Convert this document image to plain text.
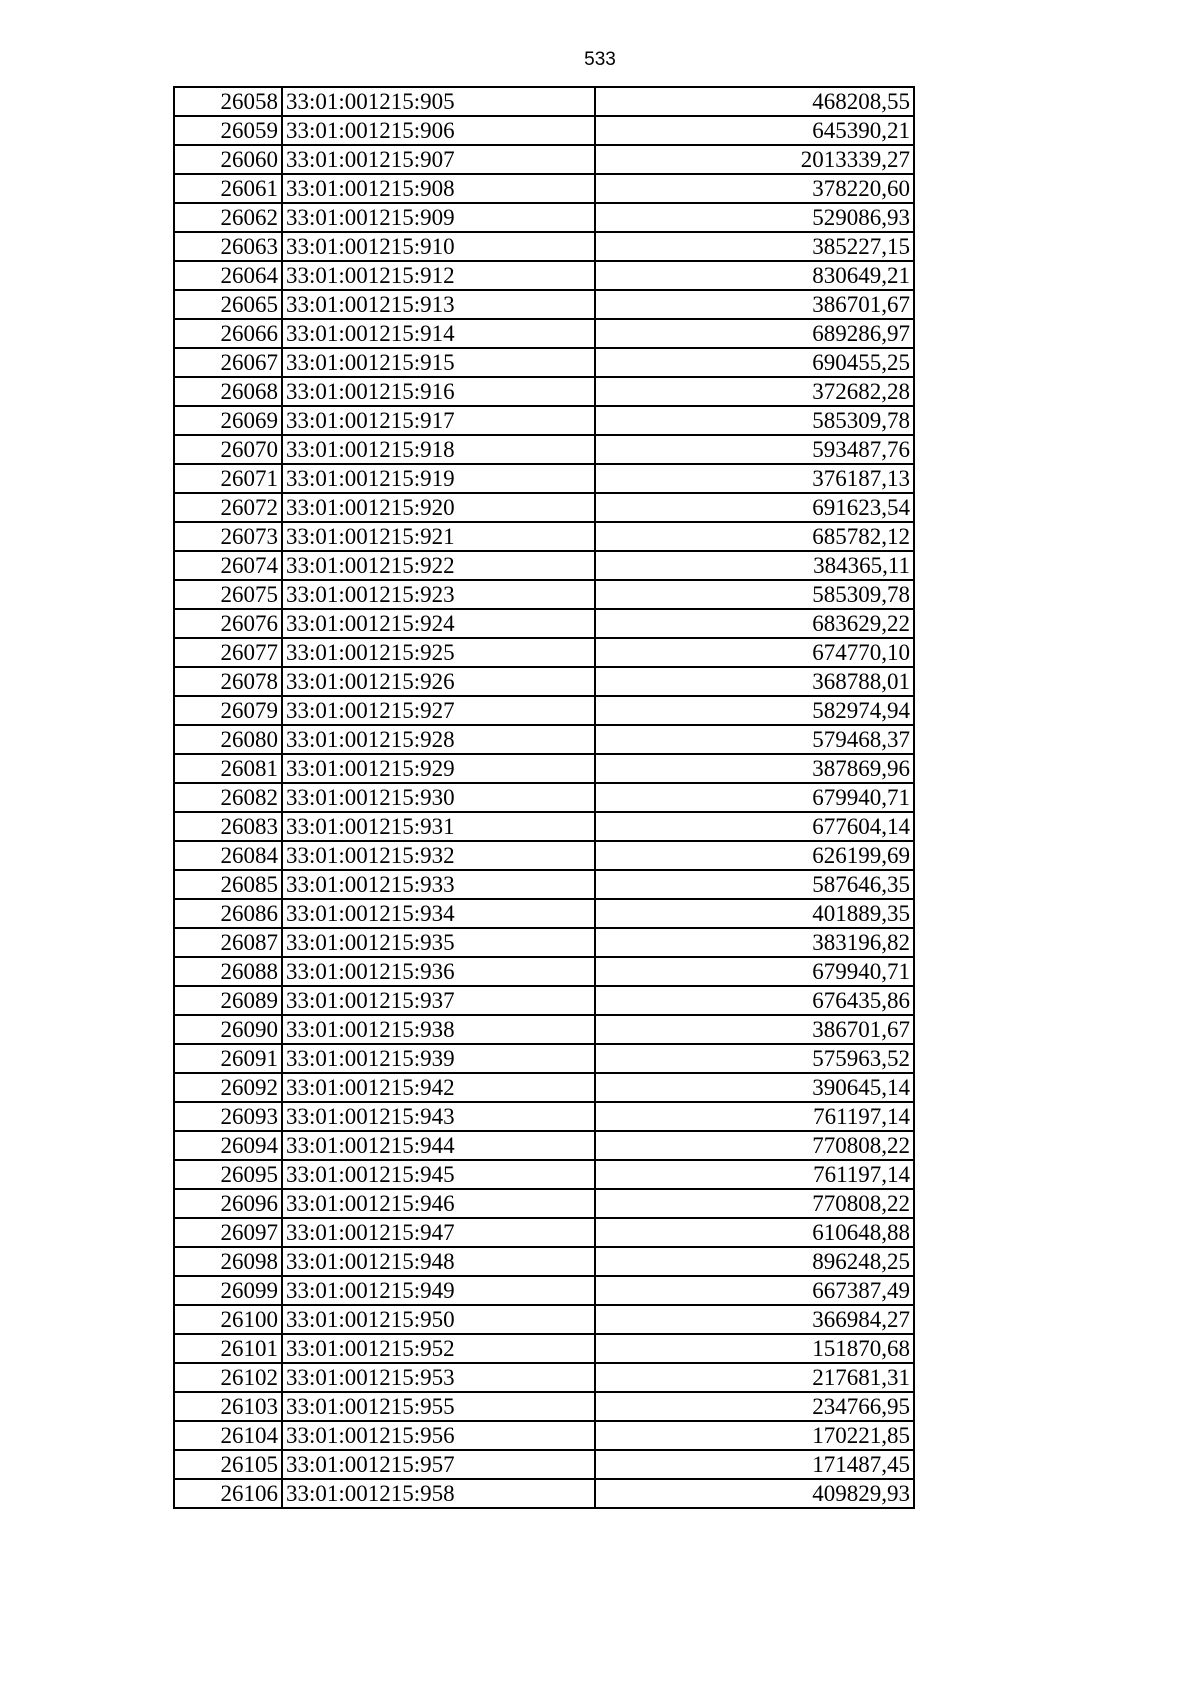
533
26058	33:01:001215:905	468208,55
26059	33:01:001215:906	645390,21
26060	33:01:001215:907	2013339,27
26061	33:01:001215:908	378220,60
26062	33:01:001215:909	529086,93
26063	33:01:001215:910	385227,15
26064	33:01:001215:912	830649,21
26065	33:01:001215:913	386701,67
26066	33:01:001215:914	689286,97
26067	33:01:001215:915	690455,25
26068	33:01:001215:916	372682,28
26069	33:01:001215:917	585309,78
26070	33:01:001215:918	593487,76
26071	33:01:001215:919	376187,13
26072	33:01:001215:920	691623,54
26073	33:01:001215:921	685782,12
26074	33:01:001215:922	384365,11
26075	33:01:001215:923	585309,78
26076	33:01:001215:924	683629,22
26077	33:01:001215:925	674770,10
26078	33:01:001215:926	368788,01
26079	33:01:001215:927	582974,94
26080	33:01:001215:928	579468,37
26081	33:01:001215:929	387869,96
26082	33:01:001215:930	679940,71
26083	33:01:001215:931	677604,14
26084	33:01:001215:932	626199,69
26085	33:01:001215:933	587646,35
26086	33:01:001215:934	401889,35
26087	33:01:001215:935	383196,82
26088	33:01:001215:936	679940,71
26089	33:01:001215:937	676435,86
26090	33:01:001215:938	386701,67
26091	33:01:001215:939	575963,52
26092	33:01:001215:942	390645,14
26093	33:01:001215:943	761197,14
26094	33:01:001215:944	770808,22
26095	33:01:001215:945	761197,14
26096	33:01:001215:946	770808,22
26097	33:01:001215:947	610648,88
26098	33:01:001215:948	896248,25
26099	33:01:001215:949	667387,49
26100	33:01:001215:950	366984,27
26101	33:01:001215:952	151870,68
26102	33:01:001215:953	217681,31
26103	33:01:001215:955	234766,95
26104	33:01:001215:956	170221,85
26105	33:01:001215:957	171487,45
26106	33:01:001215:958	409829,93
